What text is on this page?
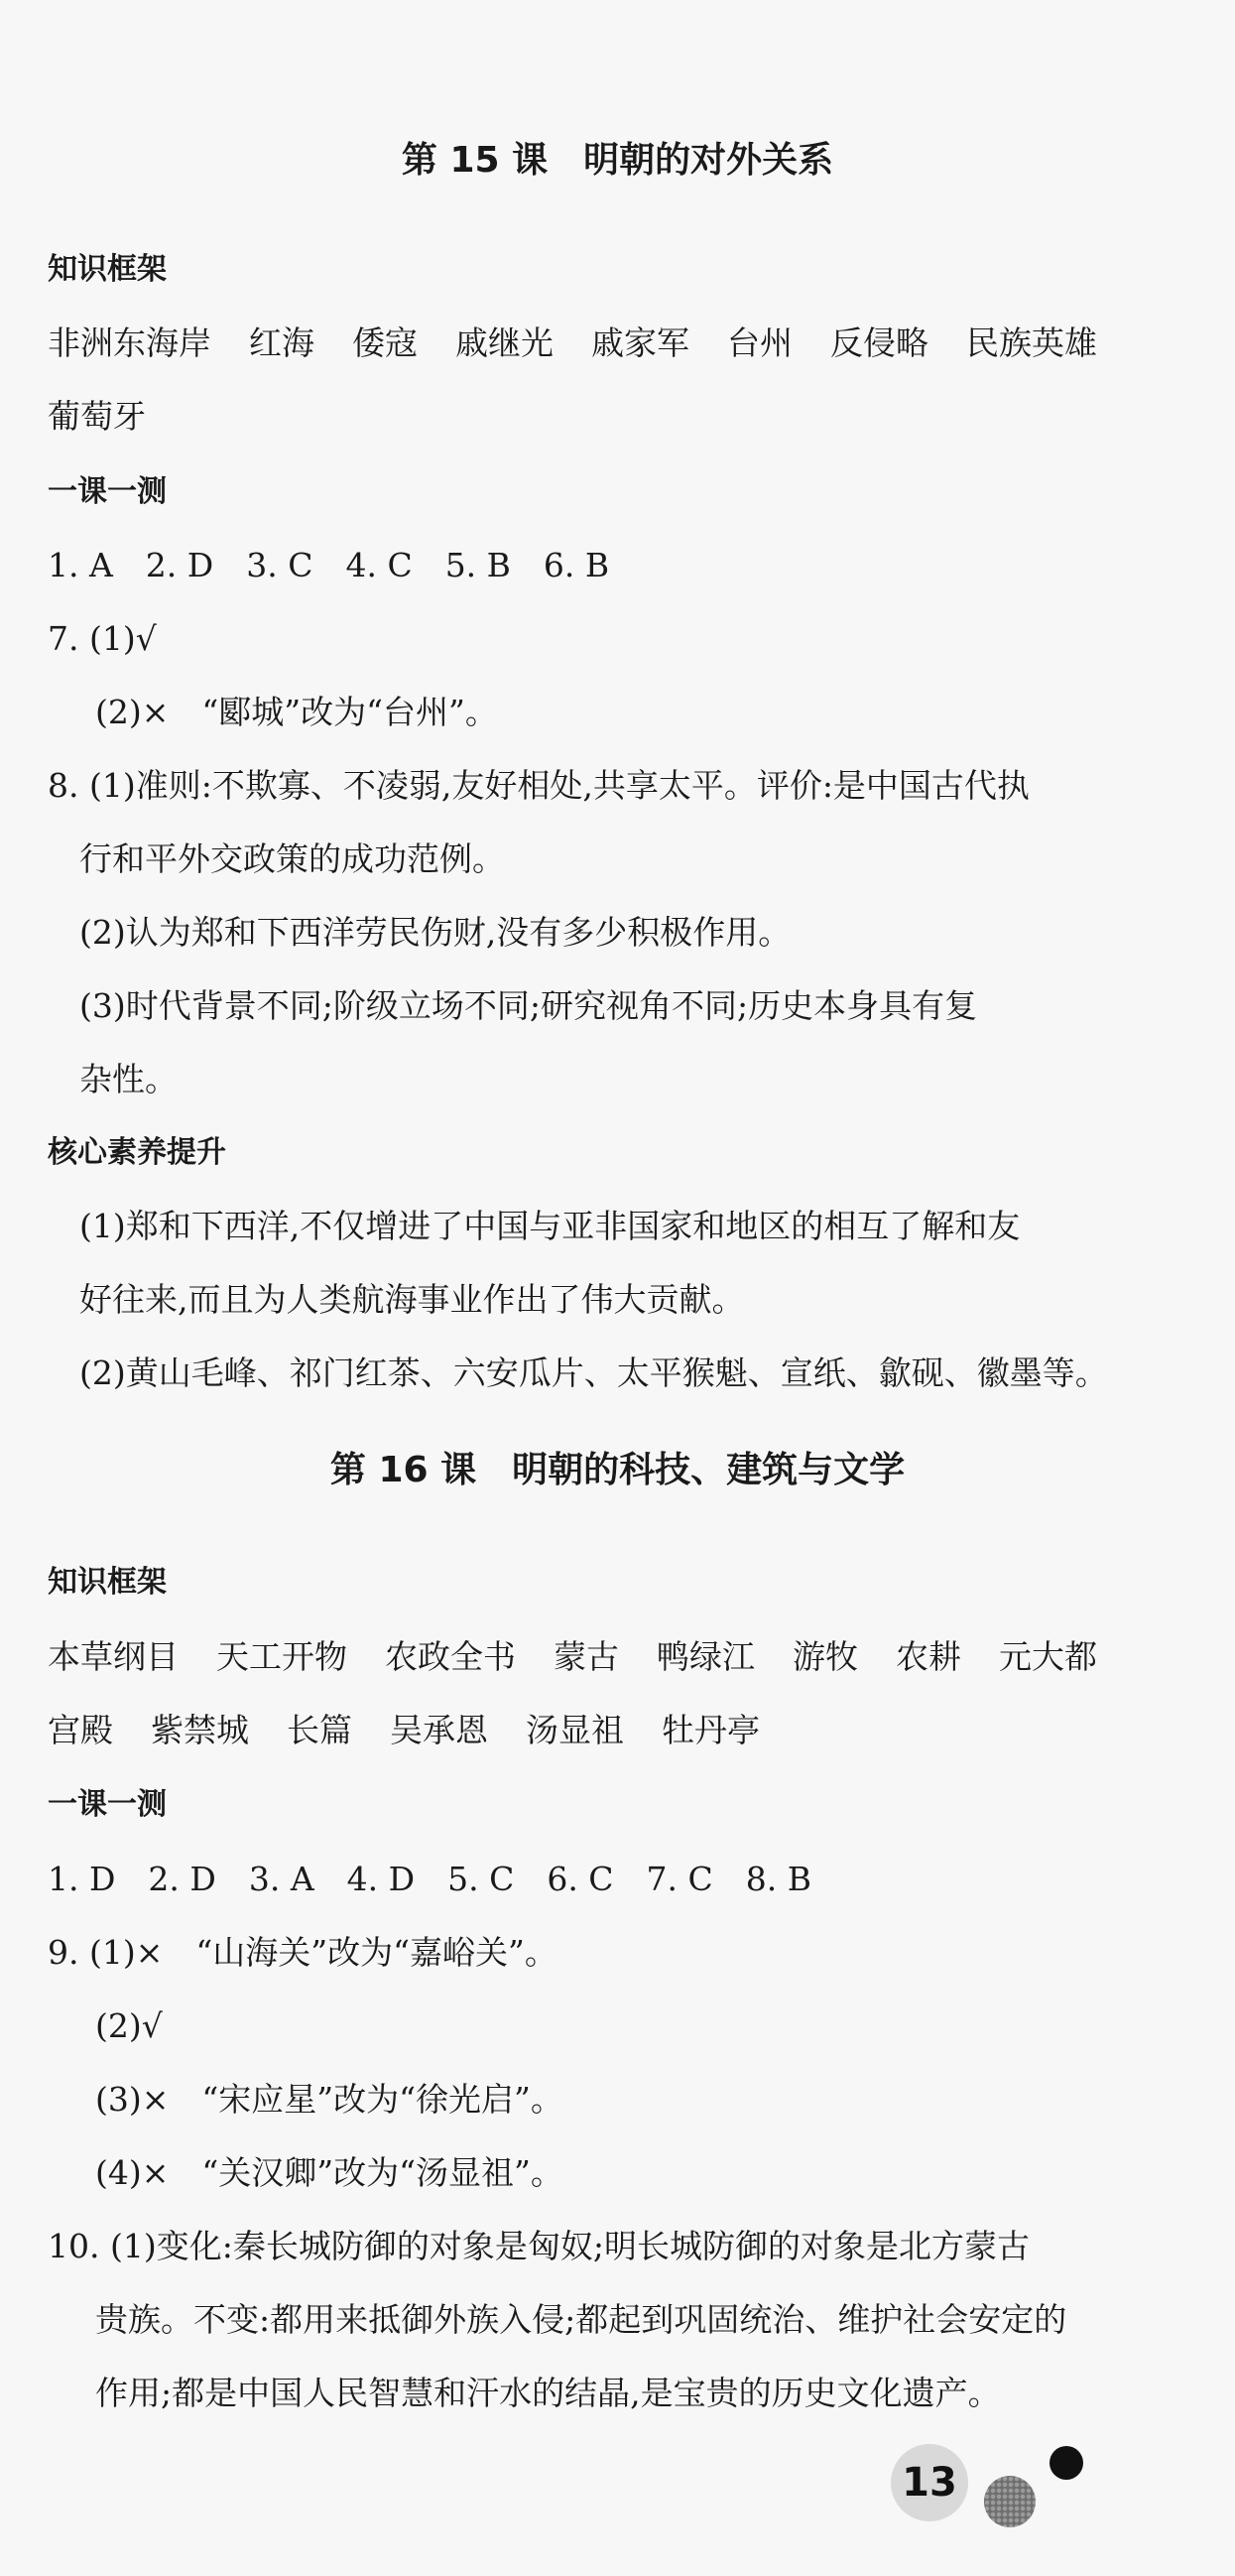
第 15 课　明朝的对外关系
知识框架
非洲东海岸 红海 倭寇 戚继光 戚家军 台州 反侵略 民族英雄
葡萄牙
一课一测
1. A　2. D　3. C　4. C　5. B　6. B
7. (1)√
(2)×　“郾城”改为“台州”。
8. (1)准则:不欺寡、不凌弱,友好相处,共享太平。评价:是中国古代执
行和平外交政策的成功范例。
(2)认为郑和下西洋劳民伤财,没有多少积极作用。
(3)时代背景不同;阶级立场不同;研究视角不同;历史本身具有复
杂性。
核心素养提升
(1)郑和下西洋,不仅增进了中国与亚非国家和地区的相互了解和友
好往来,而且为人类航海事业作出了伟大贡献。
(2)黄山毛峰、祁门红茶、六安瓜片、太平猴魁、宣纸、歙砚、徽墨等。
第 16 课　明朝的科技、建筑与文学
知识框架
本草纲目 天工开物 农政全书 蒙古 鸭绿江 游牧 农耕 元大都
宫殿 紫禁城 长篇 吴承恩 汤显祖 牡丹亭
一课一测
1. D　2. D　3. A　4. D　5. C　6. C　7. C　8. B
9. (1)×　“山海关”改为“嘉峪关”。
(2)√
(3)×　“宋应星”改为“徐光启”。
(4)×　“关汉卿”改为“汤显祖”。
10. (1)变化:秦长城防御的对象是匈奴;明长城防御的对象是北方蒙古
贵族。不变:都用来抵御外族入侵;都起到巩固统治、维护社会安定的
作用;都是中国人民智慧和汗水的结晶,是宝贵的历史文化遗产。
13
